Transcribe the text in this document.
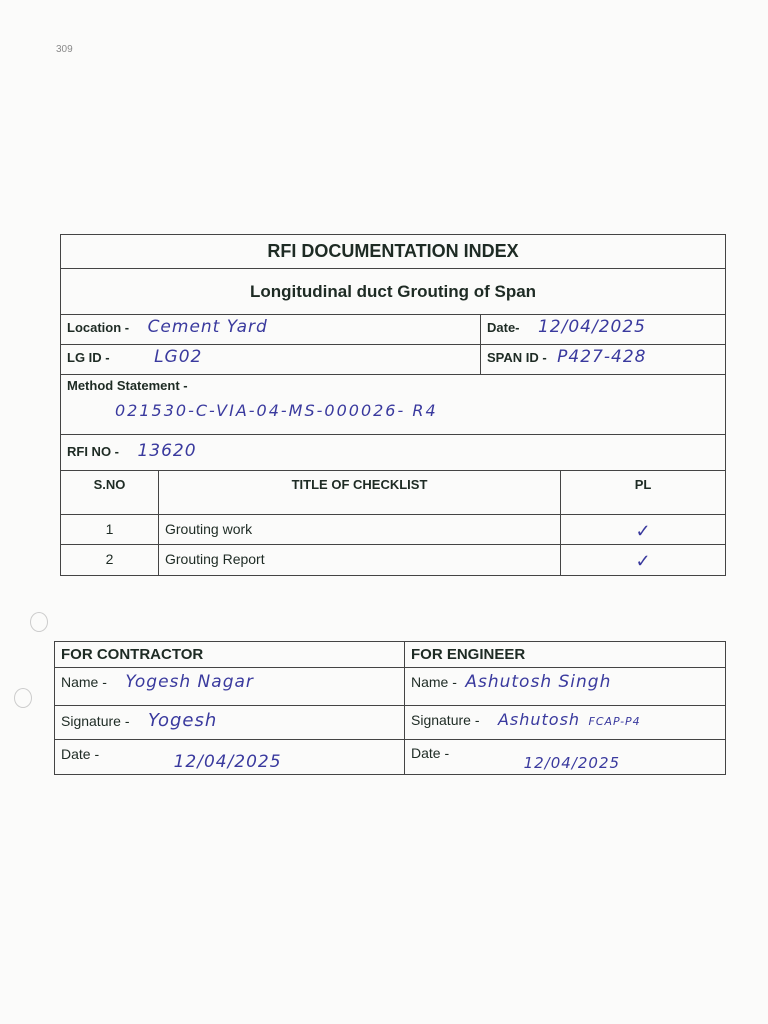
309
RFI DOCUMENTATION INDEX
Longitudinal duct Grouting of Span
Location - Cement Yard	Date- 12/04/2025
LG ID -	LG02	SPAN ID - P427-428
Method Statement -
021530-C-VIA-04-MS-000026- R4
RFI NO - 13620
S.NO	TITLE OF CHECKLIST	PL
1	Grouting work	✓
2	Grouting Report	✓
FOR CONTRACTOR	FOR ENGINEER
Name - Yogesh Nagar	Name - Ashutosh Singh
Signature - Yogesh	Signature - Ashutosh FCAP-P4
Date -	12/04/2025	Date - 12/04/2025
